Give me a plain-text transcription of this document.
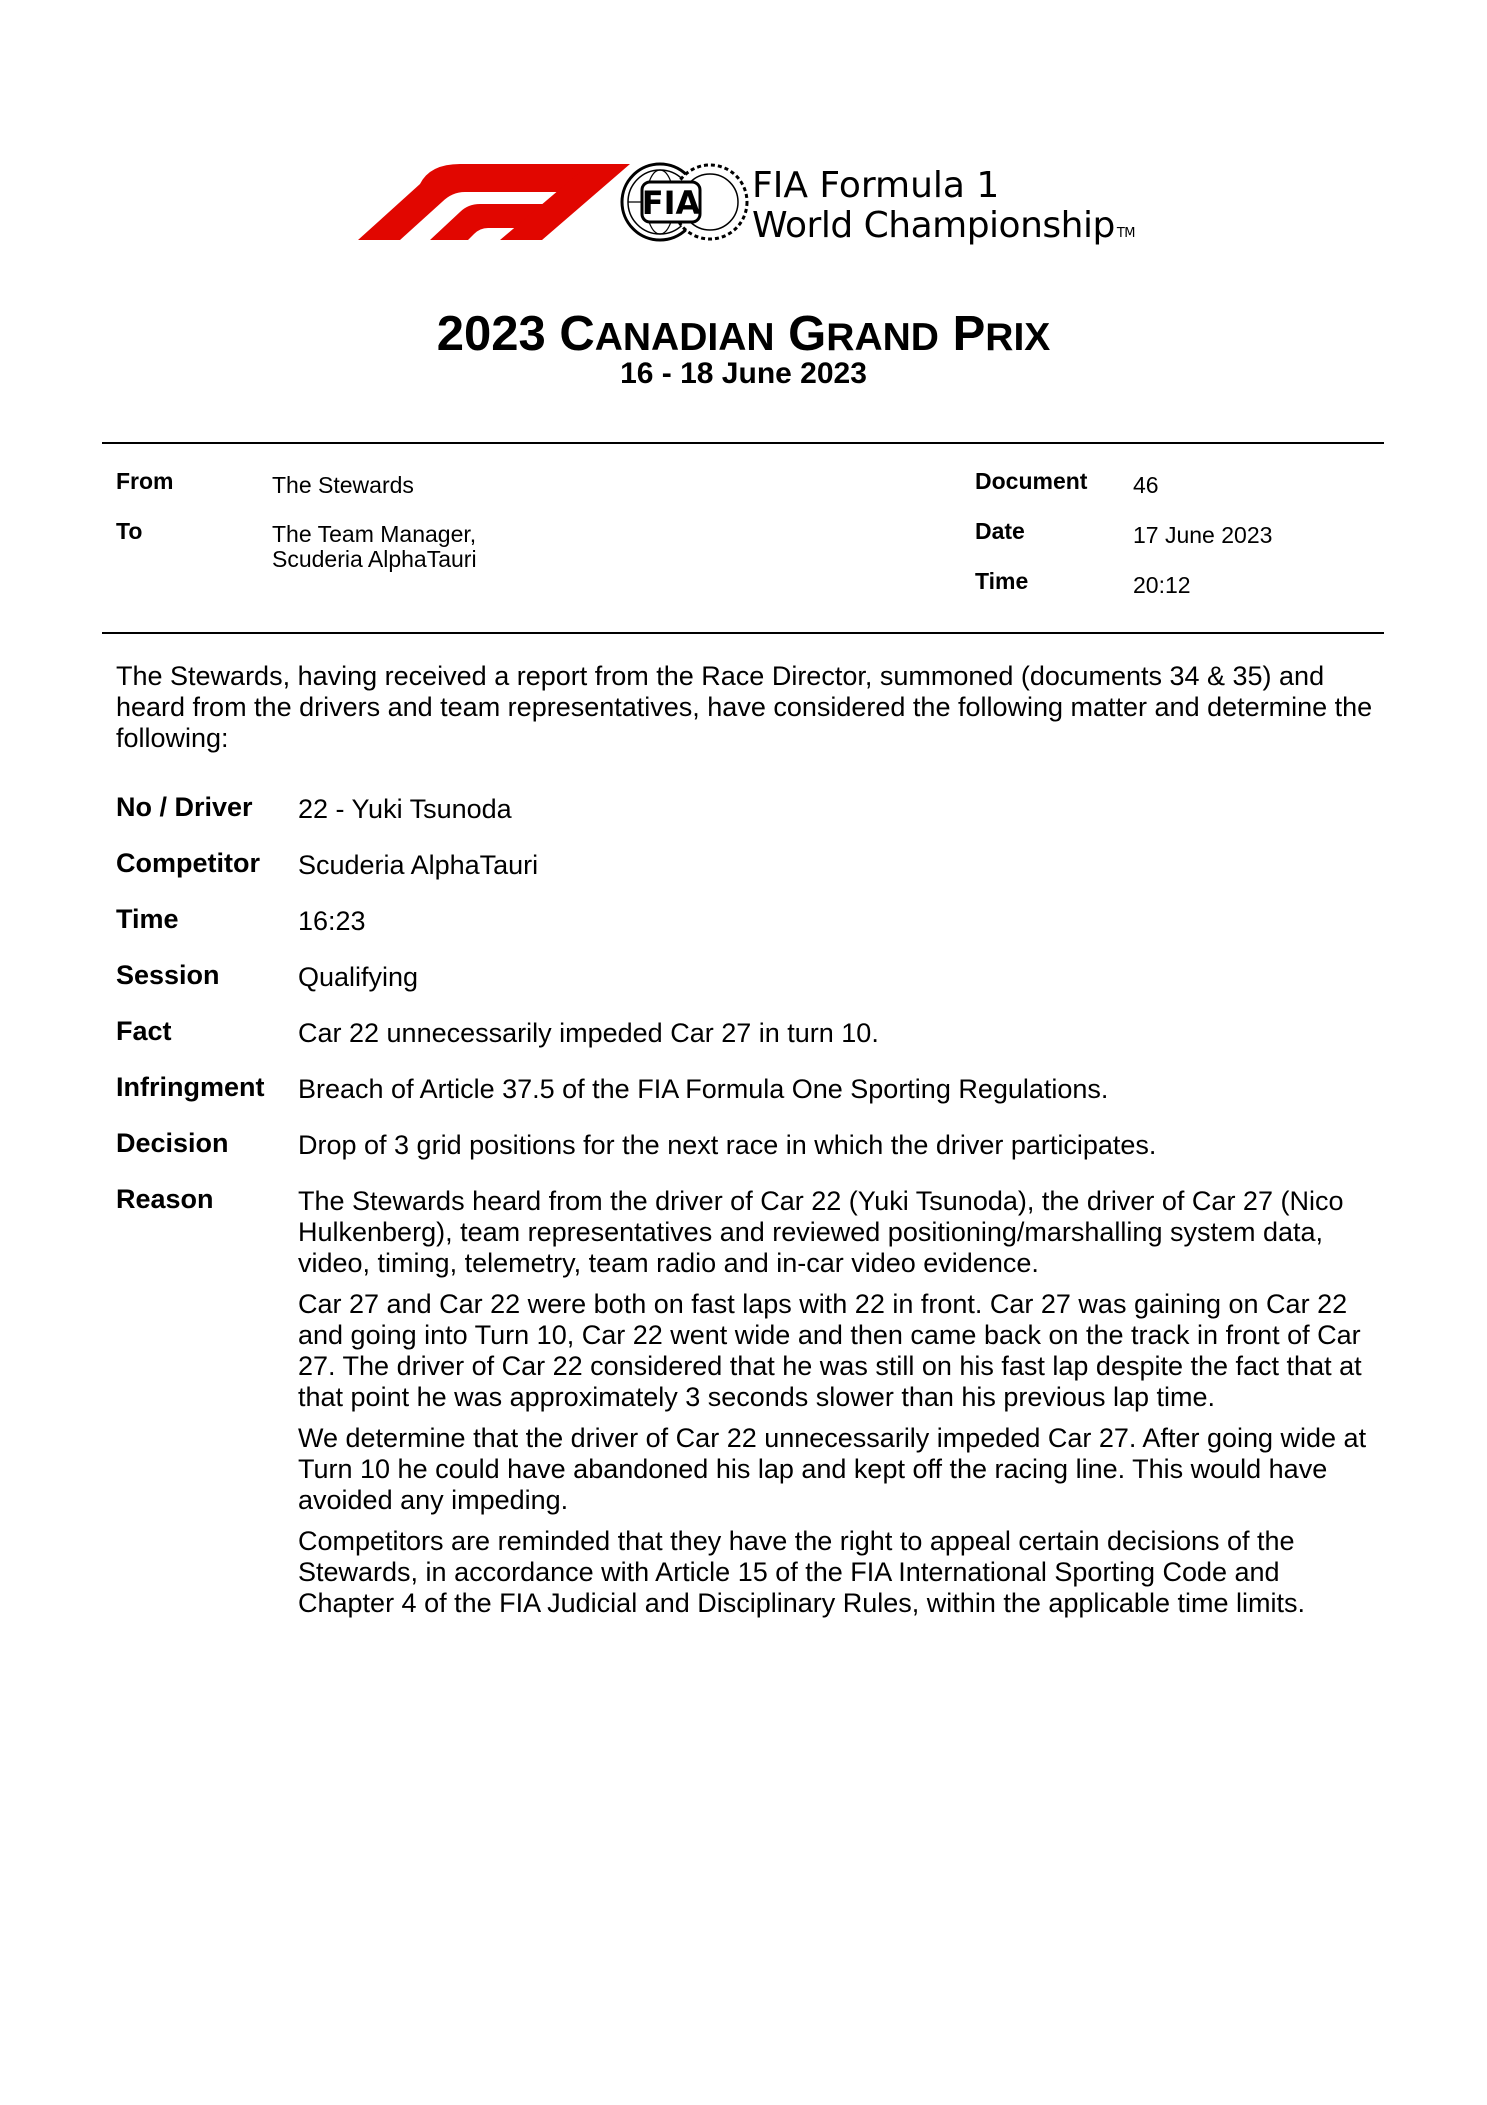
FIA FIA Formula 1
World Championship TM
2023 CANADIAN GRAND PRIX
16 - 18 June 2023
From	The Stewards
To	The Team Manager,
Scuderia AlphaTauri
Document 46
Date	17 June 2023
Time	20:12
The Stewards, having received a report from the Race Director, summoned (documents 34 & 35) and heard from the drivers and team representatives, have considered the following matter and determine the following:
No / Driver 22 - Yuki Tsunoda
Competitor Scuderia AlphaTauri
Time	16:23
Session	Qualifying
Fact	Car 22 unnecessarily impeded Car 27 in turn 10.
Infringment Breach of Article 37.5 of the FIA Formula One Sporting Regulations.
Decision	Drop of 3 grid positions for the next race in which the driver participates.
Reason	The Stewards heard from the driver of Car 22 (Yuki Tsunoda), the driver of Car 27 (Nico Hulkenberg), team representatives and reviewed positioning/marshalling system data, video, timing, telemetry, team radio and in-car video evidence.

Car 27 and Car 22 were both on fast laps with 22 in front. Car 27 was gaining on Car 22 and going into Turn 10, Car 22 went wide and then came back on the track in front of Car 27. The driver of Car 22 considered that he was still on his fast lap despite the fact that at that point he was approximately 3 seconds slower than his previous lap time.

We determine that the driver of Car 22 unnecessarily impeded Car 27. After going wide at Turn 10 he could have abandoned his lap and kept off the racing line. This would have avoided any impeding.

Competitors are reminded that they have the right to appeal certain decisions of the Stewards, in accordance with Article 15 of the FIA International Sporting Code and Chapter 4 of the FIA Judicial and Disciplinary Rules, within the applicable time limits.
